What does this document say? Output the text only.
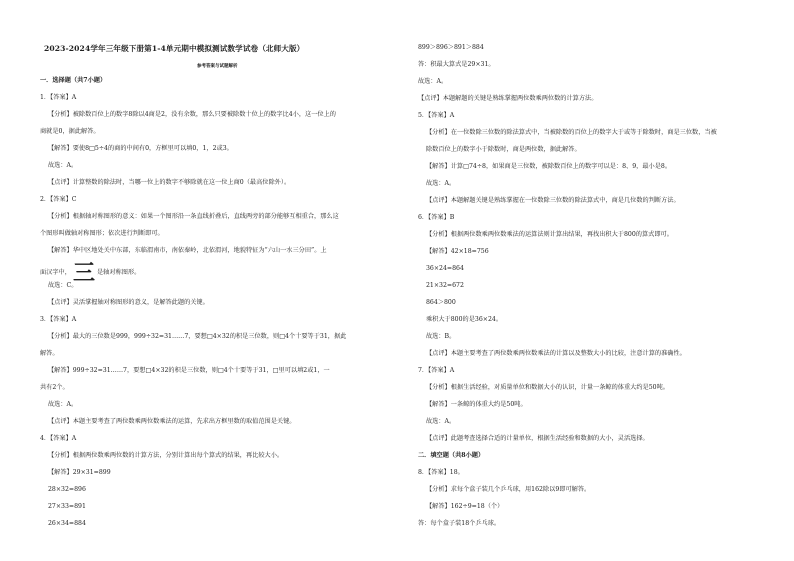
2023-2024学年三年级下册第1-4单元期中模拟测试数学试卷（北师大版）
参考答案与试题解析
一．选择题（共7小题）
1．【答案】A
【分析】被除数百位上的数字8除以4商是2，没有余数，那么只要被除数十位上的数字比4小，这一位上的
商就是0，据此解答。
【解答】要使8□5÷4的商的中间有0，方框里可以填0，1，2或3。
故选：A。
【点评】计算整数的除法时，当哪一位上的数字不够除就在这一位上商0（最高位除外）。
2．【答案】C
【分析】根据轴对称图形的意义：如果一个图形沿一条直线折叠后，直线两旁的部分能够互相重合，那么这
个图形叫做轴对称图形；依次进行判断即可。
【解答】华中区地处关中东部，东临渭南市，南依秦岭，北依渭河，地貌特征为“六山一水三分田”。上
面汉字中，三 是轴对称图形。
故选：C。
【点评】灵活掌握轴对称图形的意义，是解答此题的关键。
3．【答案】A
【分析】最大的三位数是999，999÷32=31……7，要想□4×32的积是三位数，则□4个十要等于31，据此
解答。
【解答】999÷32=31……7，要想□4×32的积是三位数，则□4个十要等于31，□里可以填2或1，一
共有2个。
故选：A。
【点评】本题主要考查了两位数乘两位数乘法的运算，先求出方框里数的取值范围是关键。
4．【答案】A
【分析】根据两位数乘两位数的计算方法，分别计算出每个算式的结果，再比较大小。
【解答】29×31=899
28×32=896
27×33=891
26×34=884
899＞896＞891＞884
答：积最大算式是29×31。
故选：A。
【点评】本题解题的关键是熟练掌握两位数乘两位数的计算方法。
5．【答案】A
【分析】在一位数除三位数的除法算式中，当被除数的百位上的数字大于或等于除数时，商是三位数，当被
除数百位上的数字小于除数时，商是两位数，据此解答。
【解答】计算□74÷8，如果商是三位数，被除数百位上的数字可以是：8、9，最小是8。
故选：A。
【点评】本题解题关键是熟练掌握在一位数除三位数的除法算式中，商是几位数的判断方法。
6．【答案】B
【分析】根据两位数乘两位数乘法的运算法则计算出结果，再找出积大于800的算式即可。
【解答】42×18=756
36×24=864
21×32=672
864＞800
乘积大于800的是36×24。
故选：B。
【点评】本题主要考查了两位数乘两位数乘法的计算以及整数大小的比较，注意计算的准确性。
7．【答案】A
【分析】根据生活经验，对质量单位和数据大小的认识，计量一条鲸的体重大约是50吨。
【解答】一条鲸的体重大约是50吨。
故选：A。
【点评】此题考查选择合适的计量单位，根据生活经验和数据的大小，灵活选择。
二．填空题（共8小题）
8．【答案】18。
【分析】求每个盒子装几个乒乓球，用162除以9即可解答。
【解答】162÷9=18（个）
答：每个盒子装18个乒乓球。
